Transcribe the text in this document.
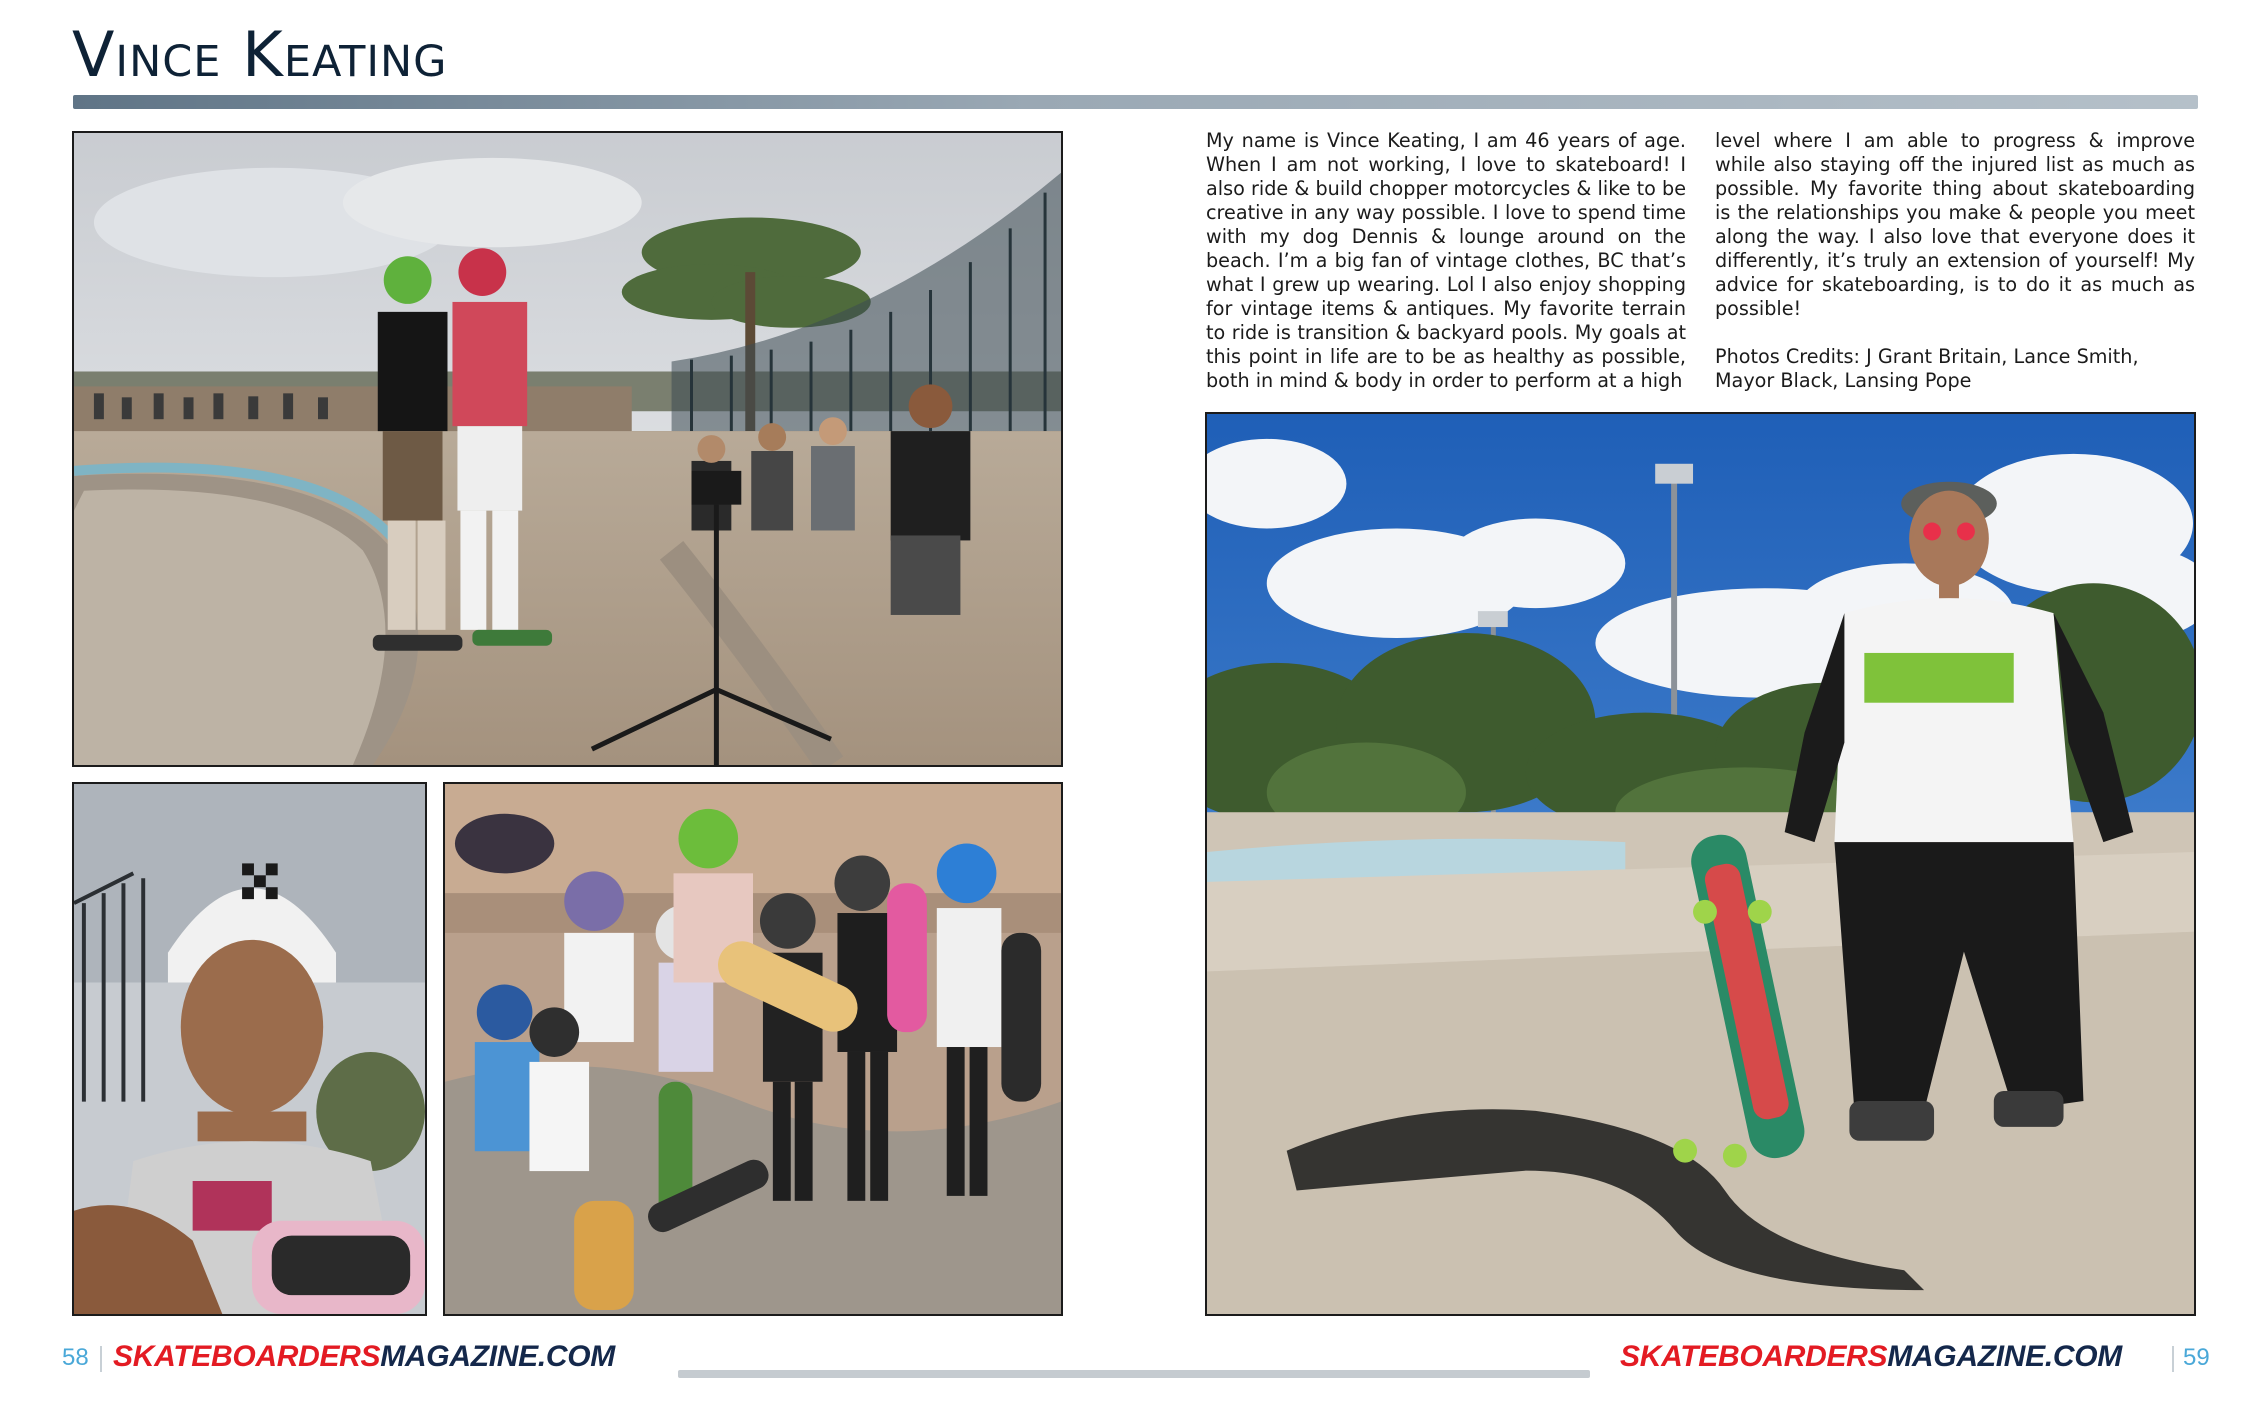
Vince Keating

My name is Vince Keating, I am 46 years of age. When I am not working, I love to skateboard! I also ride & build chopper motorcycles & like to be creative in any way possible. I love to spend time with my dog Dennis & lounge around on the beach. I’m a big fan of vintage clothes, BC that’s what I grew up wearing. Lol I also enjoy shopping for vintage items & antiques. My favorite terrain to ride is transition & backyard pools. My goals at this point in life are to be as healthy as possible, both in mind & body in order to perform at a high

level where I am able to progress & improve while also staying off the injured list as much as possible. My favorite thing about skateboarding is the relationships you make & people you meet along the way. I also love that everyone does it differently, it’s truly an extension of yourself! My advice for skateboarding, is to do it as much as possible!

Photos Credits: J Grant Britain, Lance Smith, Mayor Black, Lansing Pope

58 SKATEBOARDERSMAGAZINE.COM	SKATEBOARDERSMAGAZINE.COM	59
